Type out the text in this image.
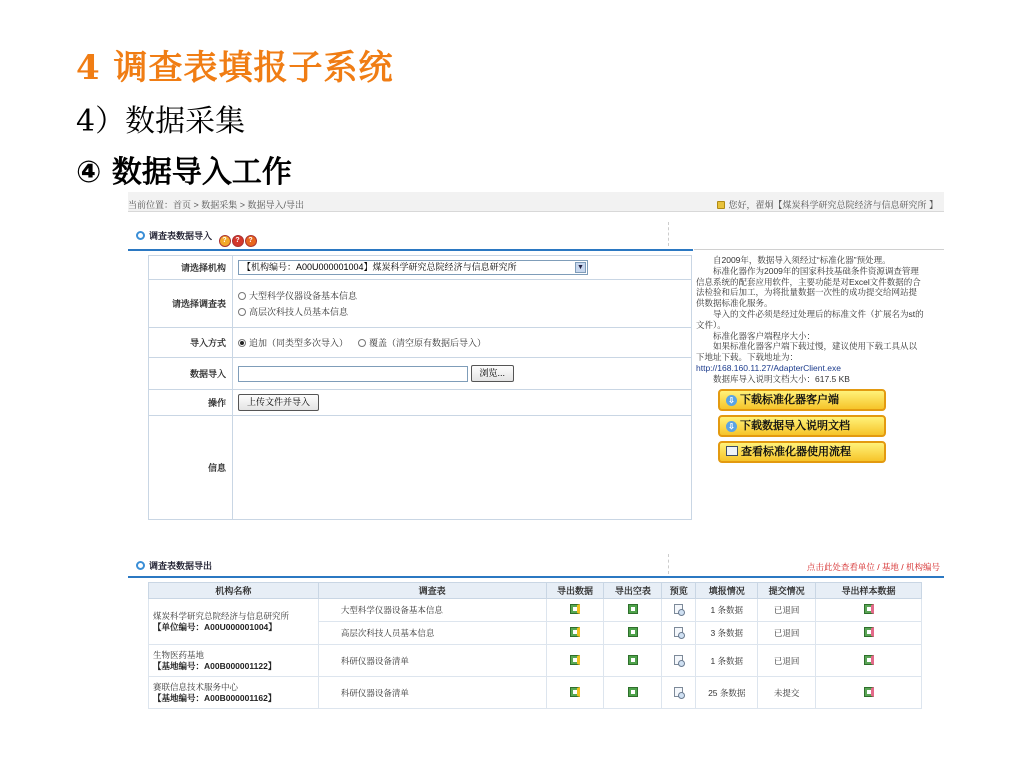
4 调查表填报子系统
4）数据采集
④ 数据导入工作
当前位置：首页 > 数据采集 > 数据导入/导出	您好，翟炯【煤炭科学研究总院经济与信息研究所 】
调查表数据导入 ? ? ?
请选择机构	【机构编号：A00U000001004】煤炭科学研究总院经济与信息研究所 ▼

请选择调查表	大型科学仪器设备基本信息
高层次科技人员基本信息

导入方式	追加（同类型多次导入） 覆盖（清空原有数据后导入）
数据导入	浏览...
操作	上传文件并导入
信息	

自2009年，数据导入须经过“标准化器”预处理。

标准化器作为2009年的国家科技基础条件资源调查管理信息系统的配套应用软件，主要功能是对Excel文件数据的合法检验和后加工，为将批量数据一次性的成功提交给网站提供数据标准化服务。

导入的文件必须是经过处理后的标准文件（扩展名为st的文件）。

标准化器客户端程序大小：

如果标准化器客户端下载过慢，建议使用下载工具从以下地址下载。下载地址为：

http://168.160.11.27/AdapterClient.exe

数据库导入说明文档大小：617.5 KB

⇩ 下载标准化器客户端
⇩ 下载数据导入说明文档
查看标准化器使用流程
调查表数据导出	点击此处查看单位 / 基地 / 机构编号
机构名称	调查表	导出数据	导出空表	预览	填报情况	提交情况	导出样本数据

煤炭科学研究总院经济与信息研究所
【单位编号：A00U000001004】	大型科学仪器设备基本信息				1 条数据	已退回	
	高层次科技人员基本信息				3 条数据	已退回	

生物医药基地
【基地编号：A00B000001122】	科研仪器设备清单				1 条数据	已退回	

赛联信息技术服务中心
【基地编号：A00B000001162】	科研仪器设备清单				25 条数据	未提交	
